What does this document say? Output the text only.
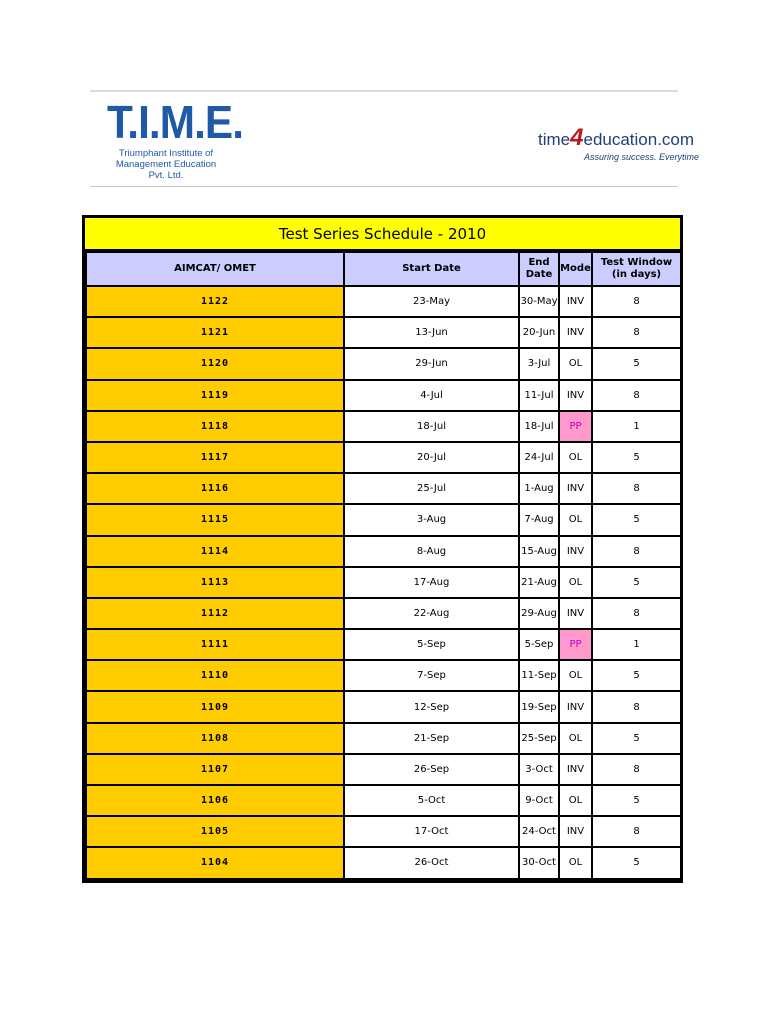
T.I.M.E.
Triumphant Institute of
Management Education Pvt. Ltd.
time4education.com
Assuring success. Everytime
Test Series Schedule - 2010
AIMCAT/ OMET	Start Date	End Date	Mode	Test Window (in days)
1122	23-May	30-May	INV	8
1121	13-Jun	20-Jun	INV	8
1120	29-Jun	3-Jul	OL	5
1119	4-Jul	11-Jul	INV	8
1118	18-Jul	18-Jul	PP	1
1117	20-Jul	24-Jul	OL	5
1116	25-Jul	1-Aug	INV	8
1115	3-Aug	7-Aug	OL	5
1114	8-Aug	15-Aug	INV	8
1113	17-Aug	21-Aug	OL	5
1112	22-Aug	29-Aug	INV	8
1111	5-Sep	5-Sep	PP	1
1110	7-Sep	11-Sep	OL	5
1109	12-Sep	19-Sep	INV	8
1108	21-Sep	25-Sep	OL	5
1107	26-Sep	3-Oct	INV	8
1106	5-Oct	9-Oct	OL	5
1105	17-Oct	24-Oct	INV	8
1104	26-Oct	30-Oct	OL	5
